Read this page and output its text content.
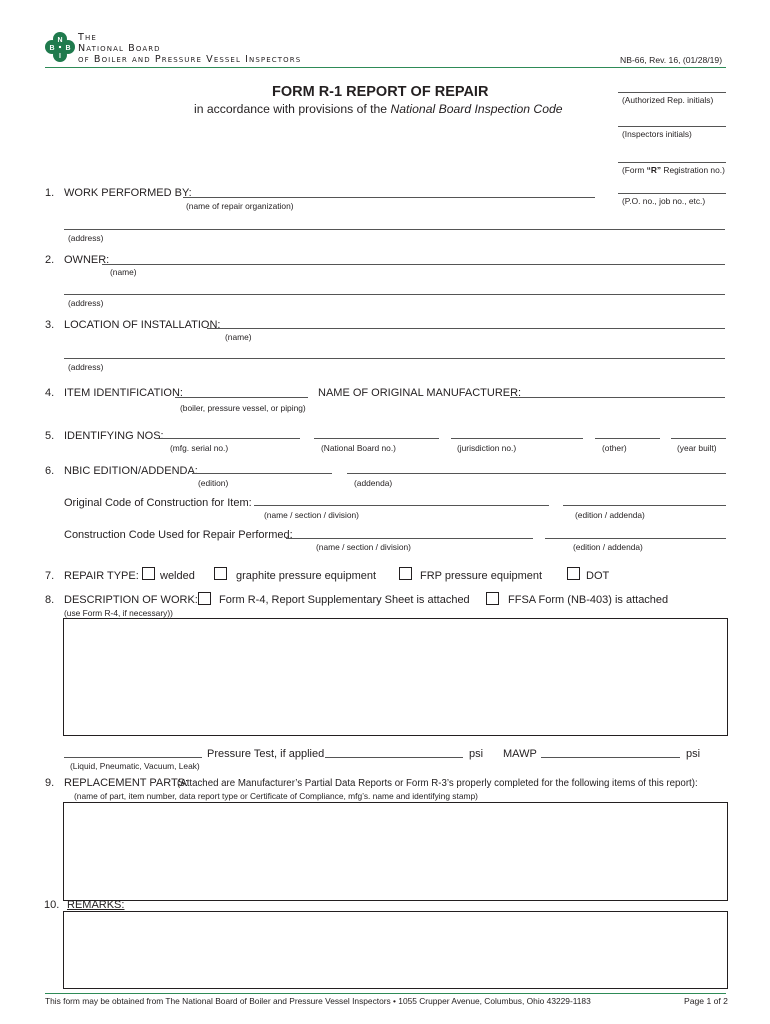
N
B B
I
The
National Board
of Boiler and Pressure Vessel Inspectors	NB-66, Rev. 16, (01/28/19)
FORM R-1 REPORT OF REPAIR
in accordance with provisions of the National Board Inspection Code
(Authorized Rep. initials)
(Inspectors initials)
(Form “R” Registration no.)
(P.O. no., job no., etc.)
1. WORK PERFORMED BY:
(name of repair organization)
(address)
2. OWNER:
(name)
(address)
3. LOCATION OF INSTALLATION:
(name)
(address)
4. ITEM IDENTIFICATION:
(boiler, pressure vessel, or piping)
NAME OF ORIGINAL MANUFACTURER:
5. IDENTIFYING NOS:
(mfg. serial no.)	(National Board no.)	(jurisdiction no.)	(other)	(year built)
6. NBIC EDITION/ADDENDA:
(edition)	(addenda)
Original Code of Construction for Item:
(name / section / division)	(edition / addenda)
Construction Code Used for Repair Performed:
(name / section / division)	(edition / addenda)
7. REPAIR TYPE: welded	graphite pressure equipment	FRP pressure equipment	DOT
8. DESCRIPTION OF WORK: Form R-4, Report Supplementary Sheet is attached	FFSA Form (NB-403) is attached
(use Form R-4, if necessary))
(Liquid, Pneumatic, Vacuum, Leak)
Pressure Test, if applied	psi MAWP	psi
9. REPLACEMENT PARTS:
(Attached are Manufacturer’s Partial Data Reports or Form R-3’s properly completed for the following items of this report):
(name of part, item number, data report type or Certificate of Compliance, mfg’s. name and identifying stamp)
10. REMARKS:
This form may be obtained from The National Board of Boiler and Pressure Vessel Inspectors • 1055 Crupper Avenue, Columbus, Ohio 43229-1183	Page 1 of 2
